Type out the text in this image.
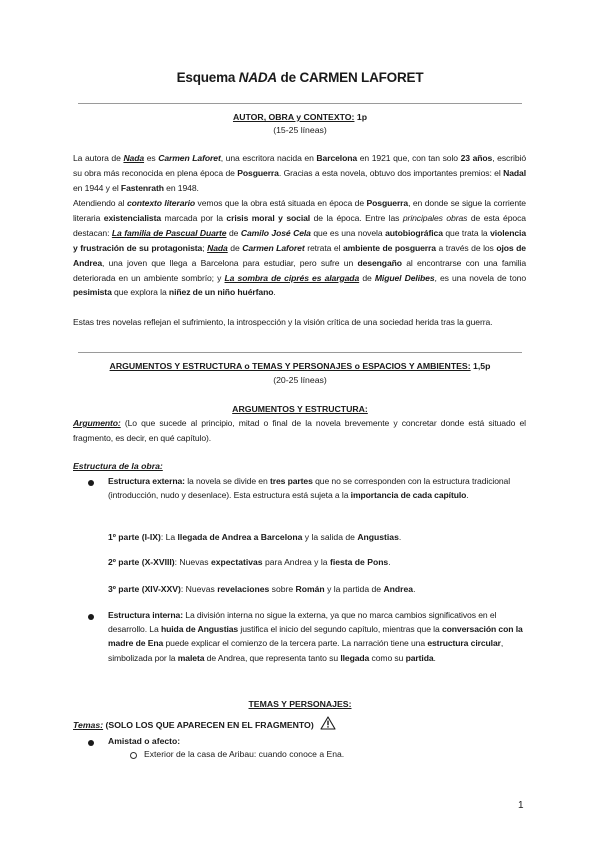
Esquema NADA de CARMEN LAFORET
AUTOR, OBRA y CONTEXTO: 1p
(15-25 líneas)
La autora de Nada es Carmen Laforet, una escritora nacida en Barcelona en 1921 que, con tan solo 23 años, escribió su obra más reconocida en plena época de Posguerra. Gracias a esta novela, obtuvo dos importantes premios: el Nadal en 1944 y el Fastenrath en 1948.
Atendiendo al contexto literario vemos que la obra está situada en época de Posguerra, en donde se sigue la corriente literaria existencialista marcada por la crisis moral y social de la época. Entre las principales obras de esta época destacan: La familia de Pascual Duarte de Camilo José Cela que es una novela autobiográfica que trata la violencia y frustración de su protagonista; Nada de Carmen Laforet retrata el ambiente de posguerra a través de los ojos de Andrea, una joven que llega a Barcelona para estudiar, pero sufre un desengaño al encontrarse con una familia deteriorada en un ambiente sombrío; y La sombra de ciprés es alargada de Miguel Delibes, es una novela de tono pesimista que explora la niñez de un niño huérfano.
Estas tres novelas reflejan el sufrimiento, la introspección y la visión crítica de una sociedad herida tras la guerra.
ARGUMENTOS Y ESTRUCTURA o TEMAS Y PERSONAJES o ESPACIOS Y AMBIENTES: 1,5p
(20-25 líneas)
ARGUMENTOS Y ESTRUCTURA:
Argumento: (Lo que sucede al principio, mitad o final de la novela brevemente y concretar donde está situado el fragmento, es decir, en qué capítulo).
Estructura de la obra:
Estructura externa: la novela se divide en tres partes que no se corresponden con la estructura tradicional (introducción, nudo y desenlace). Esta estructura está sujeta a la importancia de cada capítulo.
1º parte (I-IX): La llegada de Andrea a Barcelona y la salida de Angustias.
2º parte (X-XVIII): Nuevas expectativas para Andrea y la fiesta de Pons.
3º parte (XIV-XXV): Nuevas revelaciones sobre Román y la partida de Andrea.
Estructura interna: La división interna no sigue la externa, ya que no marca cambios significativos en el desarrollo. La huida de Angustias justifica el inicio del segundo capítulo, mientras que la conversación con la madre de Ena puede explicar el comienzo de la tercera parte. La narración tiene una estructura circular, simbolizada por la maleta de Andrea, que representa tanto su llegada como su partida.
TEMAS Y PERSONAJES:
Temas: (SOLO LOS QUE APARECEN EN EL FRAGMENTO)
Amistad o afecto:
Exterior de la casa de Aribau: cuando conoce a Ena.
1
